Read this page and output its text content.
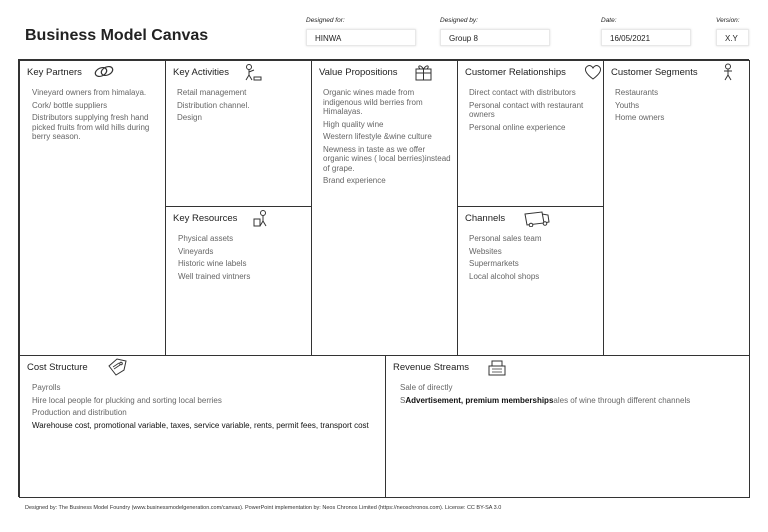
Business Model Canvas
Designed for:
HINWA
Designed by:
Group 8
Date:
16/05/2021
Version:
X.Y
Key Partners
Vineyard owners from himalaya.
Cork/ bottle suppliers
Distributors supplying fresh hand picked fruits from wild hills during berry season.
Key Activities
Retail management
Distribution channel.
Design
Key Resources
Physical assets
Vineyards
Historic wine labels
Well trained vintners
Value Propositions
Organic wines made from indigenous wild berries from Himalayas.
High quality wine
Western lifestyle &wine culture
Newness in taste as we offer organic wines ( local berries)instead of grape.
Brand experience
Customer Relationships
Direct contact with distributors
Personal contact with restaurant owners
Personal online experience
Channels
Personal sales team
Websites
Supermarkets
Local alcohol shops
Customer Segments
Restaurants
Youths
Home owners
Cost Structure
Payrolls
Hire local people for plucking and sorting local berries
Production and distribution
Warehouse cost, promotional variable, taxes, service variable, rents, permit fees, transport cost
Revenue Streams
Sale of directly
SAdvertisement, premium membershipsales of wine through different channels
Designed by: The Business Model Foundry (www.businessmodelgeneration.com/canvas). PowerPoint implementation by: Neos Chronos Limited (https://neoschronos.com). License: CC BY-SA 3.0
